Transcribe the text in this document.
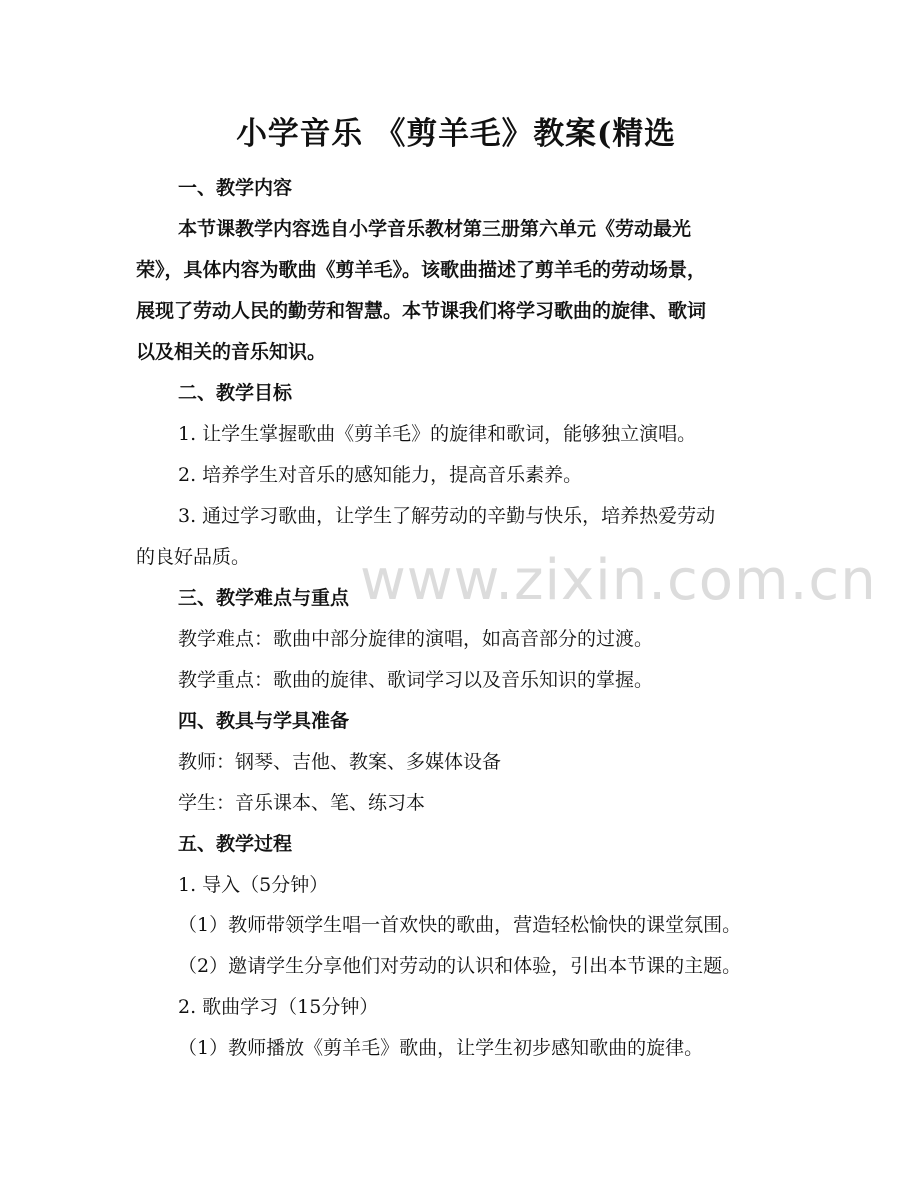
www.zixin.com.cn
小学音乐 《剪羊毛》教案(精选
一、教学内容
本节课教学内容选自小学音乐教材第三册第六单元《劳动最光
荣》，具体内容为歌曲《剪羊毛》。该歌曲描述了剪羊毛的劳动场景，
展现了劳动人民的勤劳和智慧。本节课我们将学习歌曲的旋律、歌词
以及相关的音乐知识。
二、教学目标
1. 让学生掌握歌曲《剪羊毛》的旋律和歌词，能够独立演唱。
2. 培养学生对音乐的感知能力，提高音乐素养。
3. 通过学习歌曲，让学生了解劳动的辛勤与快乐，培养热爱劳动
的良好品质。
三、教学难点与重点
教学难点：歌曲中部分旋律的演唱，如高音部分的过渡。
教学重点：歌曲的旋律、歌词学习以及音乐知识的掌握。
四、教具与学具准备
教师：钢琴、吉他、教案、多媒体设备
学生：音乐课本、笔、练习本
五、教学过程
1. 导入（5分钟）
（1）教师带领学生唱一首欢快的歌曲，营造轻松愉快的课堂氛围。
（2）邀请学生分享他们对劳动的认识和体验，引出本节课的主题。
2. 歌曲学习（15分钟）
（1）教师播放《剪羊毛》歌曲，让学生初步感知歌曲的旋律。
